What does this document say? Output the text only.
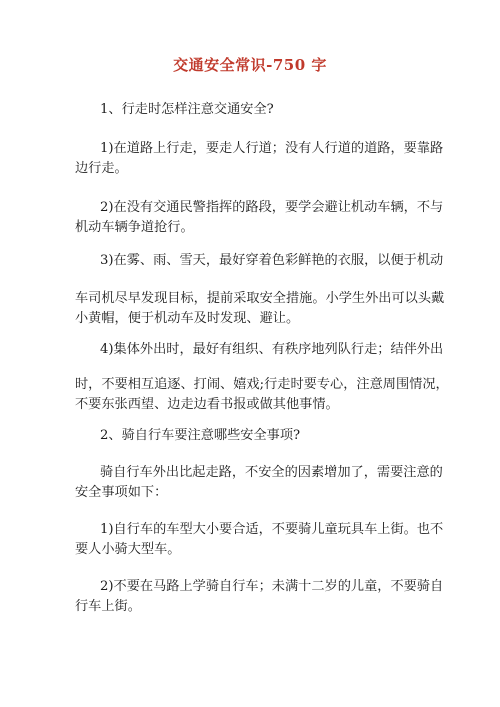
交通安全常识-750 字
1、行走时怎样注意交通安全?
1)在道路上行走，要走人行道；没有人行道的道路，要靠路
边行走。
2)在没有交通民警指挥的路段，要学会避让机动车辆，不与
机动车辆争道抢行。
3)在雾、雨、雪天，最好穿着色彩鲜艳的衣服，以便于机动
车司机尽早发现目标，提前采取安全措施。小学生外出可以头戴
小黄帽，便于机动车及时发现、避让。
4)集体外出时，最好有组织、有秩序地列队行走；结伴外出
时，不要相互追逐、打闹、嬉戏;行走时要专心，注意周围情况，
不要东张西望、边走边看书报或做其他事情。
2、骑自行车要注意哪些安全事项?
骑自行车外出比起走路，不安全的因素增加了，需要注意的
安全事项如下：
1)自行车的车型大小要合适，不要骑儿童玩具车上街。也不
要人小骑大型车。
2)不要在马路上学骑自行车；未满十二岁的儿童，不要骑自
行车上街。
